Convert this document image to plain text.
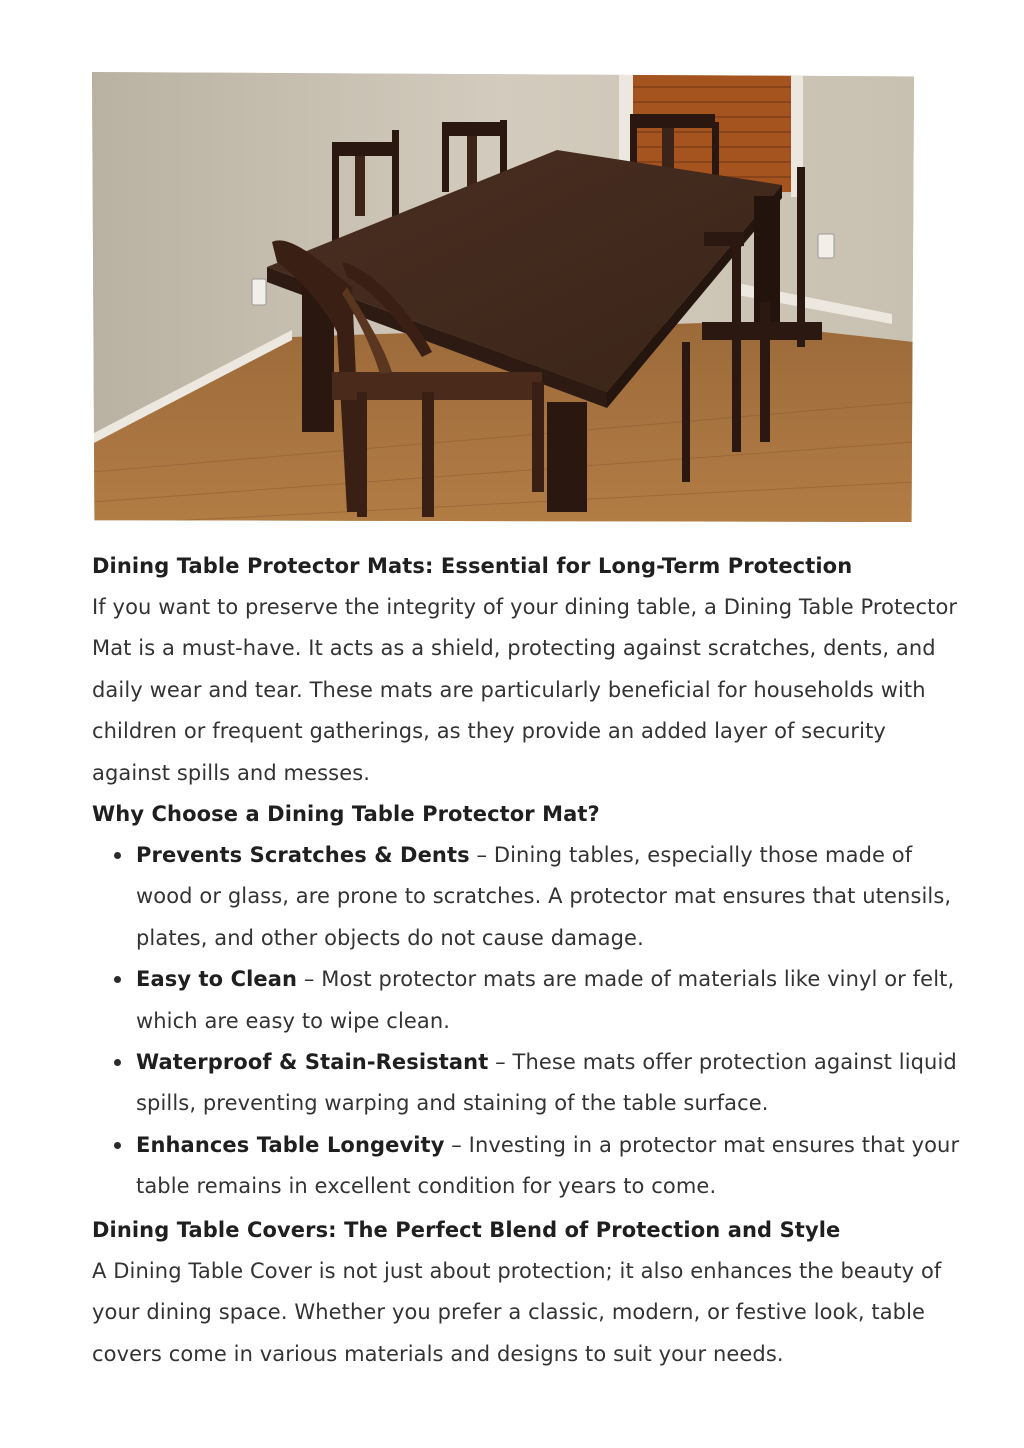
Dining Table Protector Mats: Essential for Long-Term Protection

If you want to preserve the integrity of your dining table, a Dining Table Protector Mat is a must-have. It acts as a shield, protecting against scratches, dents, and daily wear and tear. These mats are particularly beneficial for households with children or frequent gatherings, as they provide an added layer of security against spills and messes.

Why Choose a Dining Table Protector Mat?

Prevents Scratches & Dents – Dining tables, especially those made of wood or glass, are prone to scratches. A protector mat ensures that utensils, plates, and other objects do not cause damage.
Easy to Clean – Most protector mats are made of materials like vinyl or felt, which are easy to wipe clean.
Waterproof & Stain-Resistant – These mats offer protection against liquid spills, preventing warping and staining of the table surface.
Enhances Table Longevity – Investing in a protector mat ensures that your table remains in excellent condition for years to come.

Dining Table Covers: The Perfect Blend of Protection and Style

A Dining Table Cover is not just about protection; it also enhances the beauty of your dining space. Whether you prefer a classic, modern, or festive look, table covers come in various materials and designs to suit your needs.
